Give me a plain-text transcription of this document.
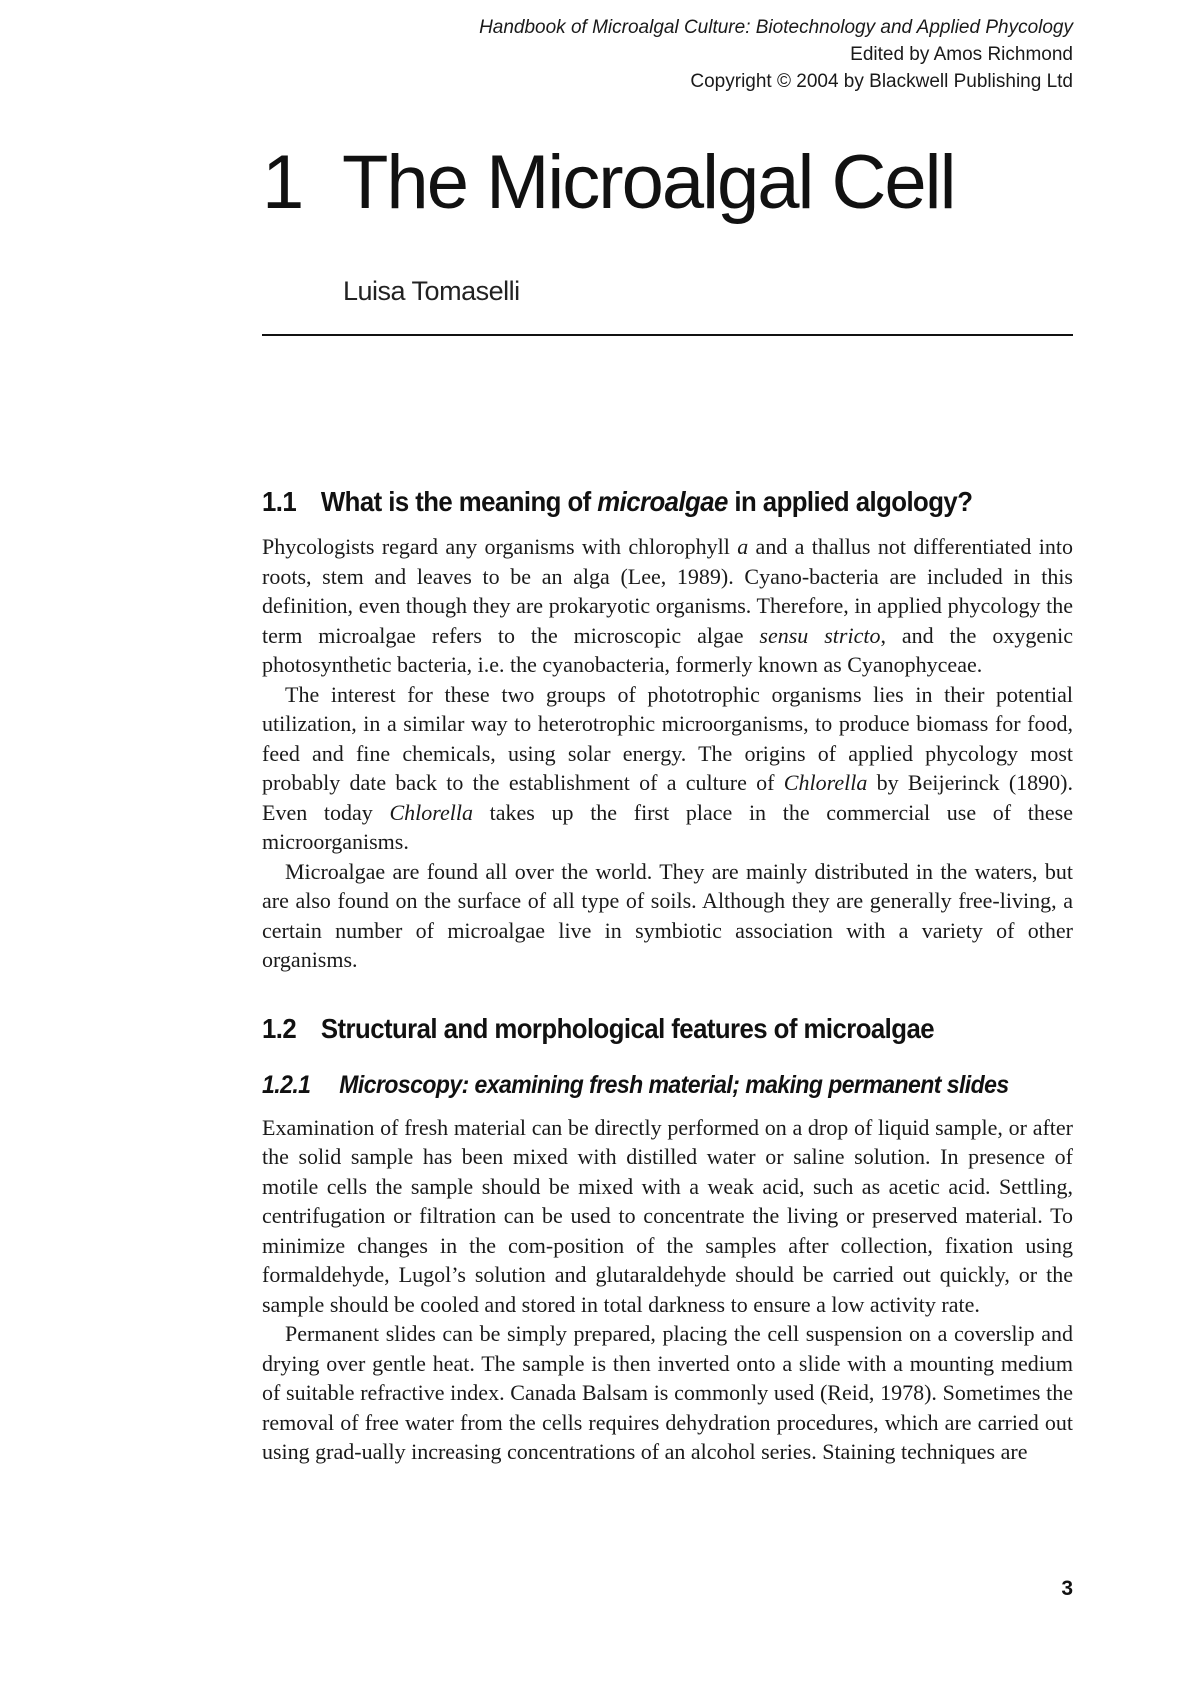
Handbook of Microalgal Culture: Biotechnology and Applied Phycology
Edited by Amos Richmond
Copyright © 2004 by Blackwell Publishing Ltd
1 The Microalgal Cell
Luisa Tomaselli
1.1 What is the meaning of microalgae in applied algology?

Phycologists regard any organisms with chlorophyll a and a thallus not differentiated into roots, stem and leaves to be an alga (Lee, 1989). Cyano-bacteria are included in this definition, even though they are prokaryotic organisms. Therefore, in applied phycology the term microalgae refers to the microscopic algae sensu stricto, and the oxygenic photosynthetic bacteria, i.e. the cyanobacteria, formerly known as Cyanophyceae.

The interest for these two groups of phototrophic organisms lies in their potential utilization, in a similar way to heterotrophic microorganisms, to produce biomass for food, feed and fine chemicals, using solar energy. The origins of applied phycology most probably date back to the establishment of a culture of Chlorella by Beijerinck (1890). Even today Chlorella takes up the first place in the commercial use of these microorganisms.

Microalgae are found all over the world. They are mainly distributed in the waters, but are also found on the surface of all type of soils. Although they are generally free-living, a certain number of microalgae live in symbiotic association with a variety of other organisms.

1.2 Structural and morphological features of microalgae
1.2.1 Microscopy: examining fresh material; making permanent slides

Examination of fresh material can be directly performed on a drop of liquid sample, or after the solid sample has been mixed with distilled water or saline solution. In presence of motile cells the sample should be mixed with a weak acid, such as acetic acid. Settling, centrifugation or filtration can be used to concentrate the living or preserved material. To minimize changes in the com-position of the samples after collection, fixation using formaldehyde, Lugol’s solution and glutaraldehyde should be carried out quickly, or the sample should be cooled and stored in total darkness to ensure a low activity rate.

Permanent slides can be simply prepared, placing the cell suspension on a coverslip and drying over gentle heat. The sample is then inverted onto a slide with a mounting medium of suitable refractive index. Canada Balsam is commonly used (Reid, 1978). Sometimes the removal of free water from the cells requires dehydration procedures, which are carried out using grad-ually increasing concentrations of an alcohol series. Staining techniques are

3
